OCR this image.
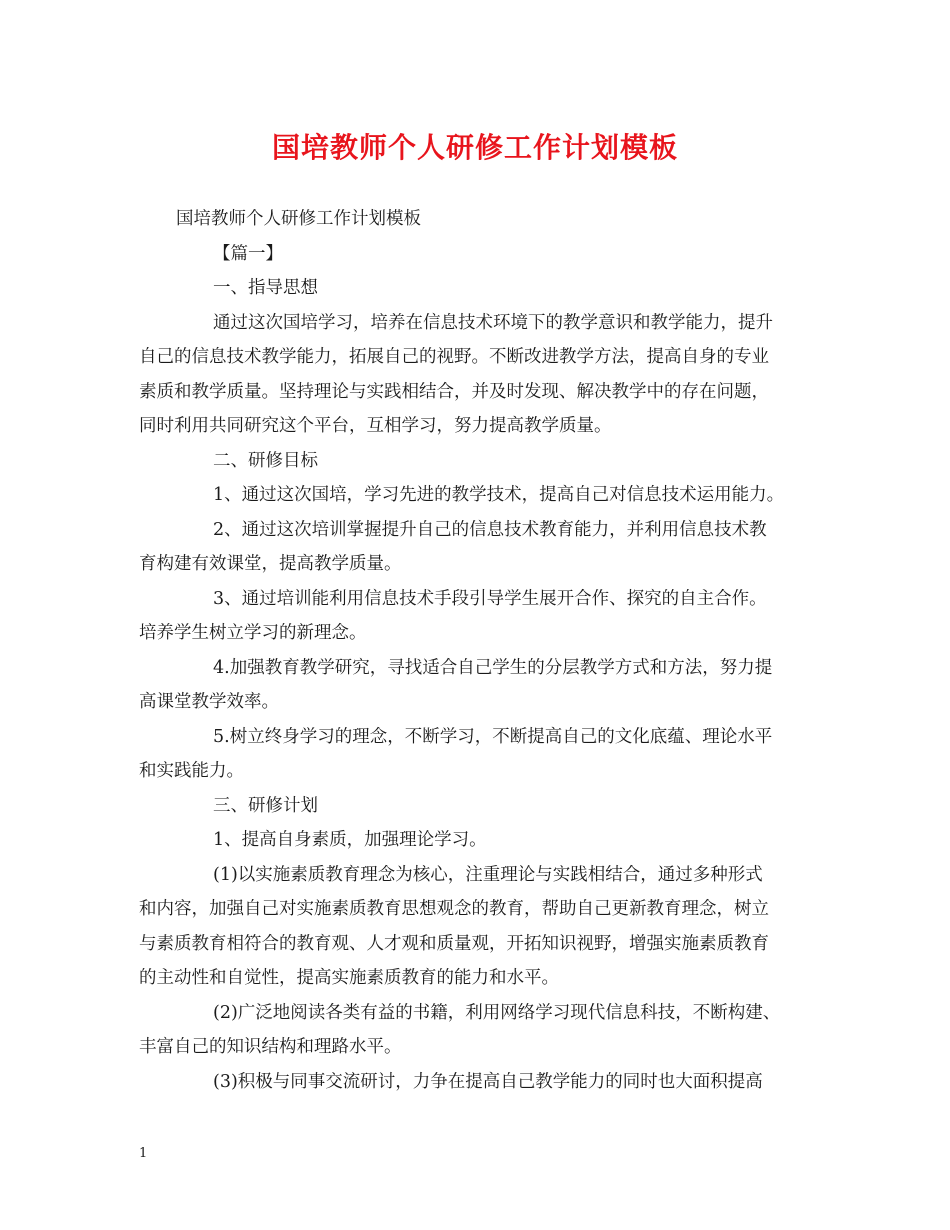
国培教师个人研修工作计划模板

国培教师个人研修工作计划模板

【篇一】

一、指导思想

通过这次国培学习，培养在信息技术环境下的教学意识和教学能力，提升

自己的信息技术教学能力，拓展自己的视野。不断改进教学方法，提高自身的专业

素质和教学质量。坚持理论与实践相结合，并及时发现、解决教学中的存在问题，

同时利用共同研究这个平台，互相学习，努力提高教学质量。

二、研修目标

1、通过这次国培，学习先进的教学技术，提高自己对信息技术运用能力。

2、通过这次培训掌握提升自己的信息技术教育能力，并利用信息技术教

育构建有效课堂，提高教学质量。

3、通过培训能利用信息技术手段引导学生展开合作、探究的自主合作。

培养学生树立学习的新理念。

4.加强教育教学研究，寻找适合自己学生的分层教学方式和方法，努力提

高课堂教学效率。

5.树立终身学习的理念，不断学习，不断提高自己的文化底蕴、理论水平

和实践能力。

三、研修计划

1、提高自身素质，加强理论学习。

(1)以实施素质教育理念为核心，注重理论与实践相结合，通过多种形式

和内容，加强自己对实施素质教育思想观念的教育，帮助自己更新教育理念，树立

与素质教育相符合的教育观、人才观和质量观，开拓知识视野，增强实施素质教育

的主动性和自觉性，提高实施素质教育的能力和水平。

(2)广泛地阅读各类有益的书籍，利用网络学习现代信息科技，不断构建、

丰富自己的知识结构和理路水平。

(3)积极与同事交流研讨，力争在提高自己教学能力的同时也大面积提高

1
